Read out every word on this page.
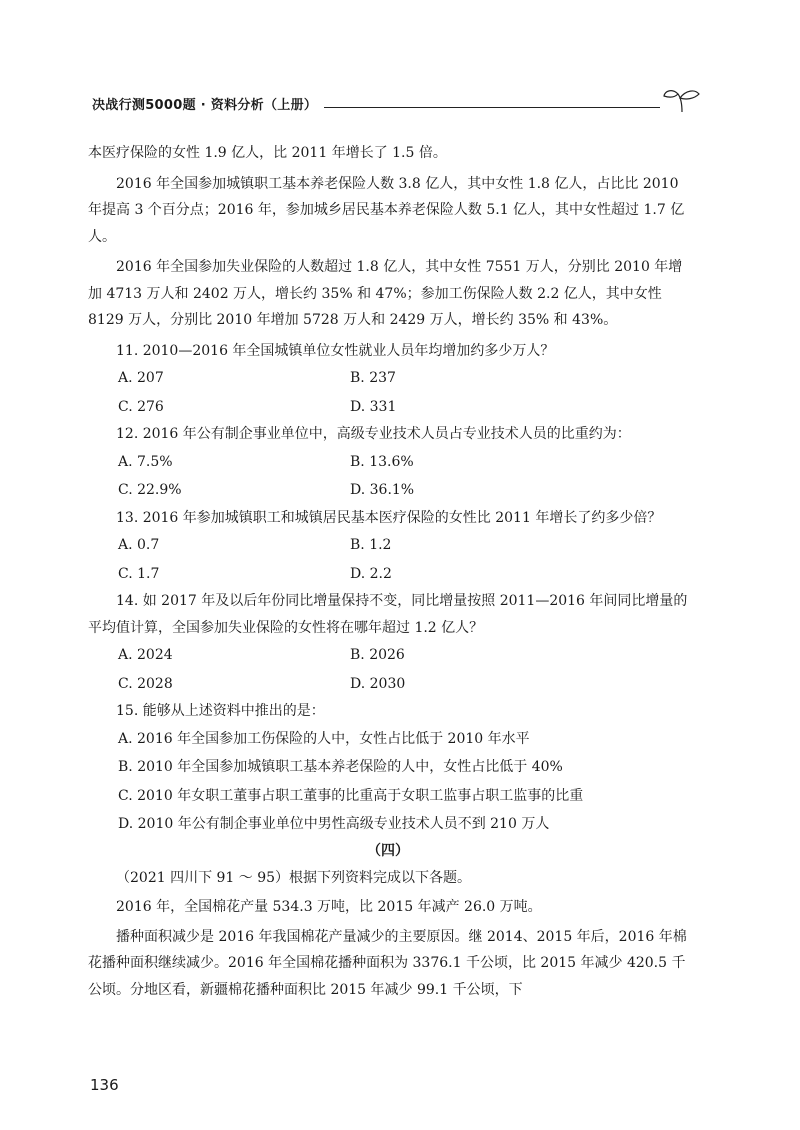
决战行测5000题 · 资料分析（上册）

本医疗保险的女性 1.9 亿人，比 2011 年增长了 1.5 倍。

2016 年全国参加城镇职工基本养老保险人数 3.8 亿人，其中女性 1.8 亿人，占比比 2010 年提高 3 个百分点；2016 年，参加城乡居民基本养老保险人数 5.1 亿人，其中女性超过 1.7 亿人。

2016 年全国参加失业保险的人数超过 1.8 亿人，其中女性 7551 万人，分别比 2010 年增加 4713 万人和 2402 万人，增长约 35% 和 47%；参加工伤保险人数 2.2 亿人，其中女性 8129 万人，分别比 2010 年增加 5728 万人和 2429 万人，增长约 35% 和 43%。

11. 2010—2016 年全国城镇单位女性就业人员年均增加约多少万人？

A. 207	B. 237
C. 276	D. 331

12. 2016 年公有制企事业单位中，高级专业技术人员占专业技术人员的比重约为：

A. 7.5%	B. 13.6%
C. 22.9%	D. 36.1%

13. 2016 年参加城镇职工和城镇居民基本医疗保险的女性比 2011 年增长了约多少倍？

A. 0.7	B. 1.2
C. 1.7	D. 2.2

14. 如 2017 年及以后年份同比增量保持不变，同比增量按照 2011—2016 年间同比增量的平均值计算，全国参加失业保险的女性将在哪年超过 1.2 亿人？

A. 2024	B. 2026
C. 2028	D. 2030

15. 能够从上述资料中推出的是：

A. 2016 年全国参加工伤保险的人中，女性占比低于 2010 年水平
B. 2010 年全国参加城镇职工基本养老保险的人中，女性占比低于 40%
C. 2010 年女职工董事占职工董事的比重高于女职工监事占职工监事的比重
D. 2010 年公有制企事业单位中男性高级专业技术人员不到 210 万人
（四）

（2021 四川下 91 ～ 95）根据下列资料完成以下各题。

2016 年，全国棉花产量 534.3 万吨，比 2015 年减产 26.0 万吨。

播种面积减少是 2016 年我国棉花产量减少的主要原因。继 2014、2015 年后，2016 年棉花播种面积继续减少。2016 年全国棉花播种面积为 3376.1 千公顷，比 2015 年减少 420.5 千公顷。分地区看，新疆棉花播种面积比 2015 年减少 99.1 千公顷，下

136
